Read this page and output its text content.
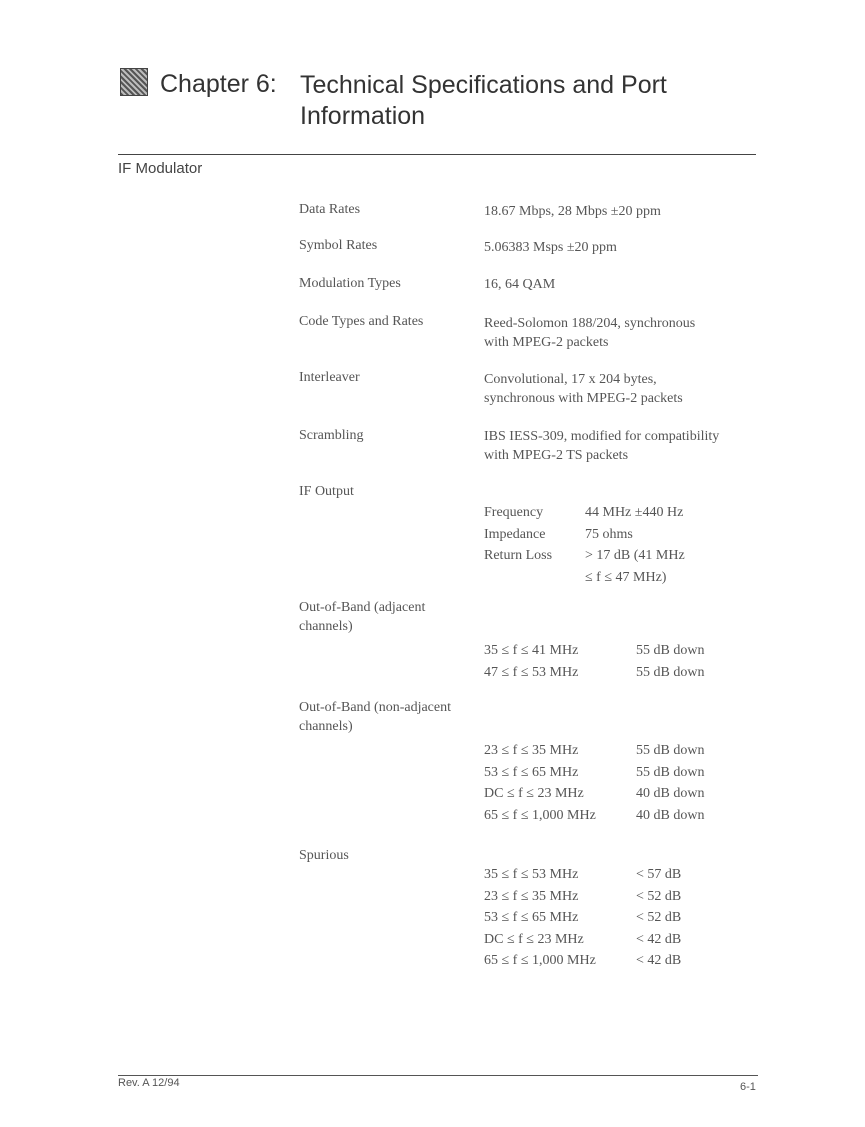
Chapter 6: Technical Specifications and Port Information
IF Modulator
Data Rates	18.67 Mbps, 28 Mbps ±20 ppm
Symbol Rates	5.06383 Msps ±20 ppm
Modulation Types	16, 64 QAM
Code Types and Rates	Reed-Solomon 188/204, synchronous
with MPEG-2 packets
Interleaver	Convolutional, 17 x 204 bytes,
synchronous with MPEG-2 packets
Scrambling	IBS IESS-309, modified for compatibility
with MPEG-2 TS packets
IF Output
Frequency	44 MHz ±440 Hz
Impedance	75 ohms
Return Loss	> 17 dB (41 MHz
	≤ f ≤ 47 MHz)
Out-of-Band (adjacent channels)
35 ≤ f ≤ 41 MHz	55 dB down
47 ≤ f ≤ 53 MHz	55 dB down
Out-of-Band (non-adjacent channels)
23 ≤ f ≤ 35 MHz	55 dB down
53 ≤ f ≤ 65 MHz	55 dB down
DC ≤ f ≤ 23 MHz	40 dB down
65 ≤ f ≤ 1,000 MHz	40 dB down
Spurious
35 ≤ f ≤ 53 MHz	< 57 dB
23 ≤ f ≤ 35 MHz	< 52 dB
53 ≤ f ≤ 65 MHz	< 52 dB
DC ≤ f ≤ 23 MHz	< 42 dB
65 ≤ f ≤ 1,000 MHz	< 42 dB
Rev. A 12/94	6-1
